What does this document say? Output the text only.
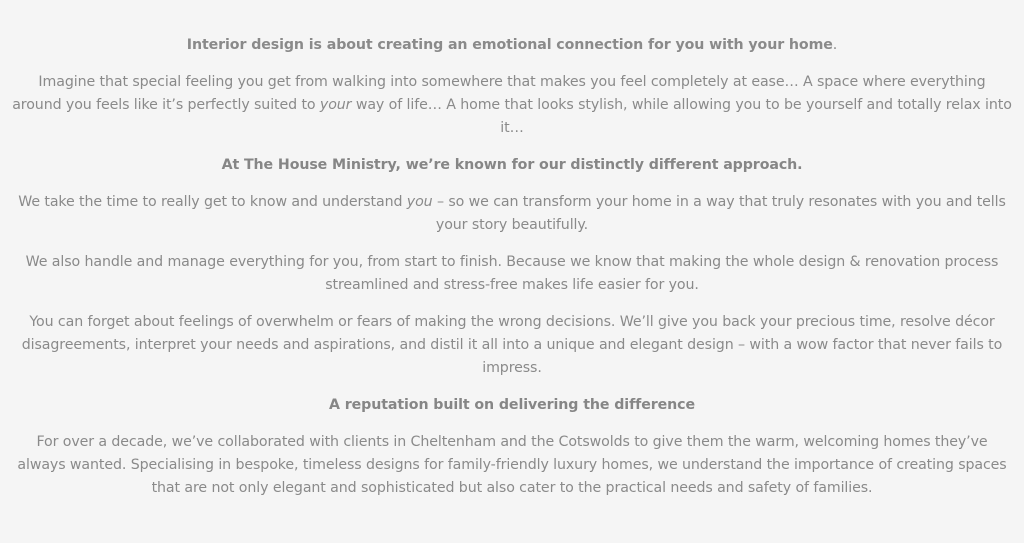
Interior design is about creating an emotional connection for you with your home.

Imagine that special feeling you get from walking into somewhere that makes you feel completely at ease… A space where everything around you feels like it’s perfectly suited to your way of life… A home that looks stylish, while allowing you to be yourself and totally relax into it…

At The House Ministry, we’re known for our distinctly different approach.

We take the time to really get to know and understand you – so we can transform your home in a way that truly resonates with you and tells your story beautifully.

We also handle and manage everything for you, from start to finish. Because we know that making the whole design & renovation process streamlined and stress-free makes life easier for you.

You can forget about feelings of overwhelm or fears of making the wrong decisions. We’ll give you back your precious time, resolve décor disagreements, interpret your needs and aspirations, and distil it all into a unique and elegant design – with a wow factor that never fails to impress.

A reputation built on delivering the difference

For over a decade, we’ve collaborated with clients in Cheltenham and the Cotswolds to give them the warm, welcoming homes they’ve always wanted. Specialising in bespoke, timeless designs for family-friendly luxury homes, we understand the importance of creating spaces that are not only elegant and sophisticated but also cater to the practical needs and safety of families.
